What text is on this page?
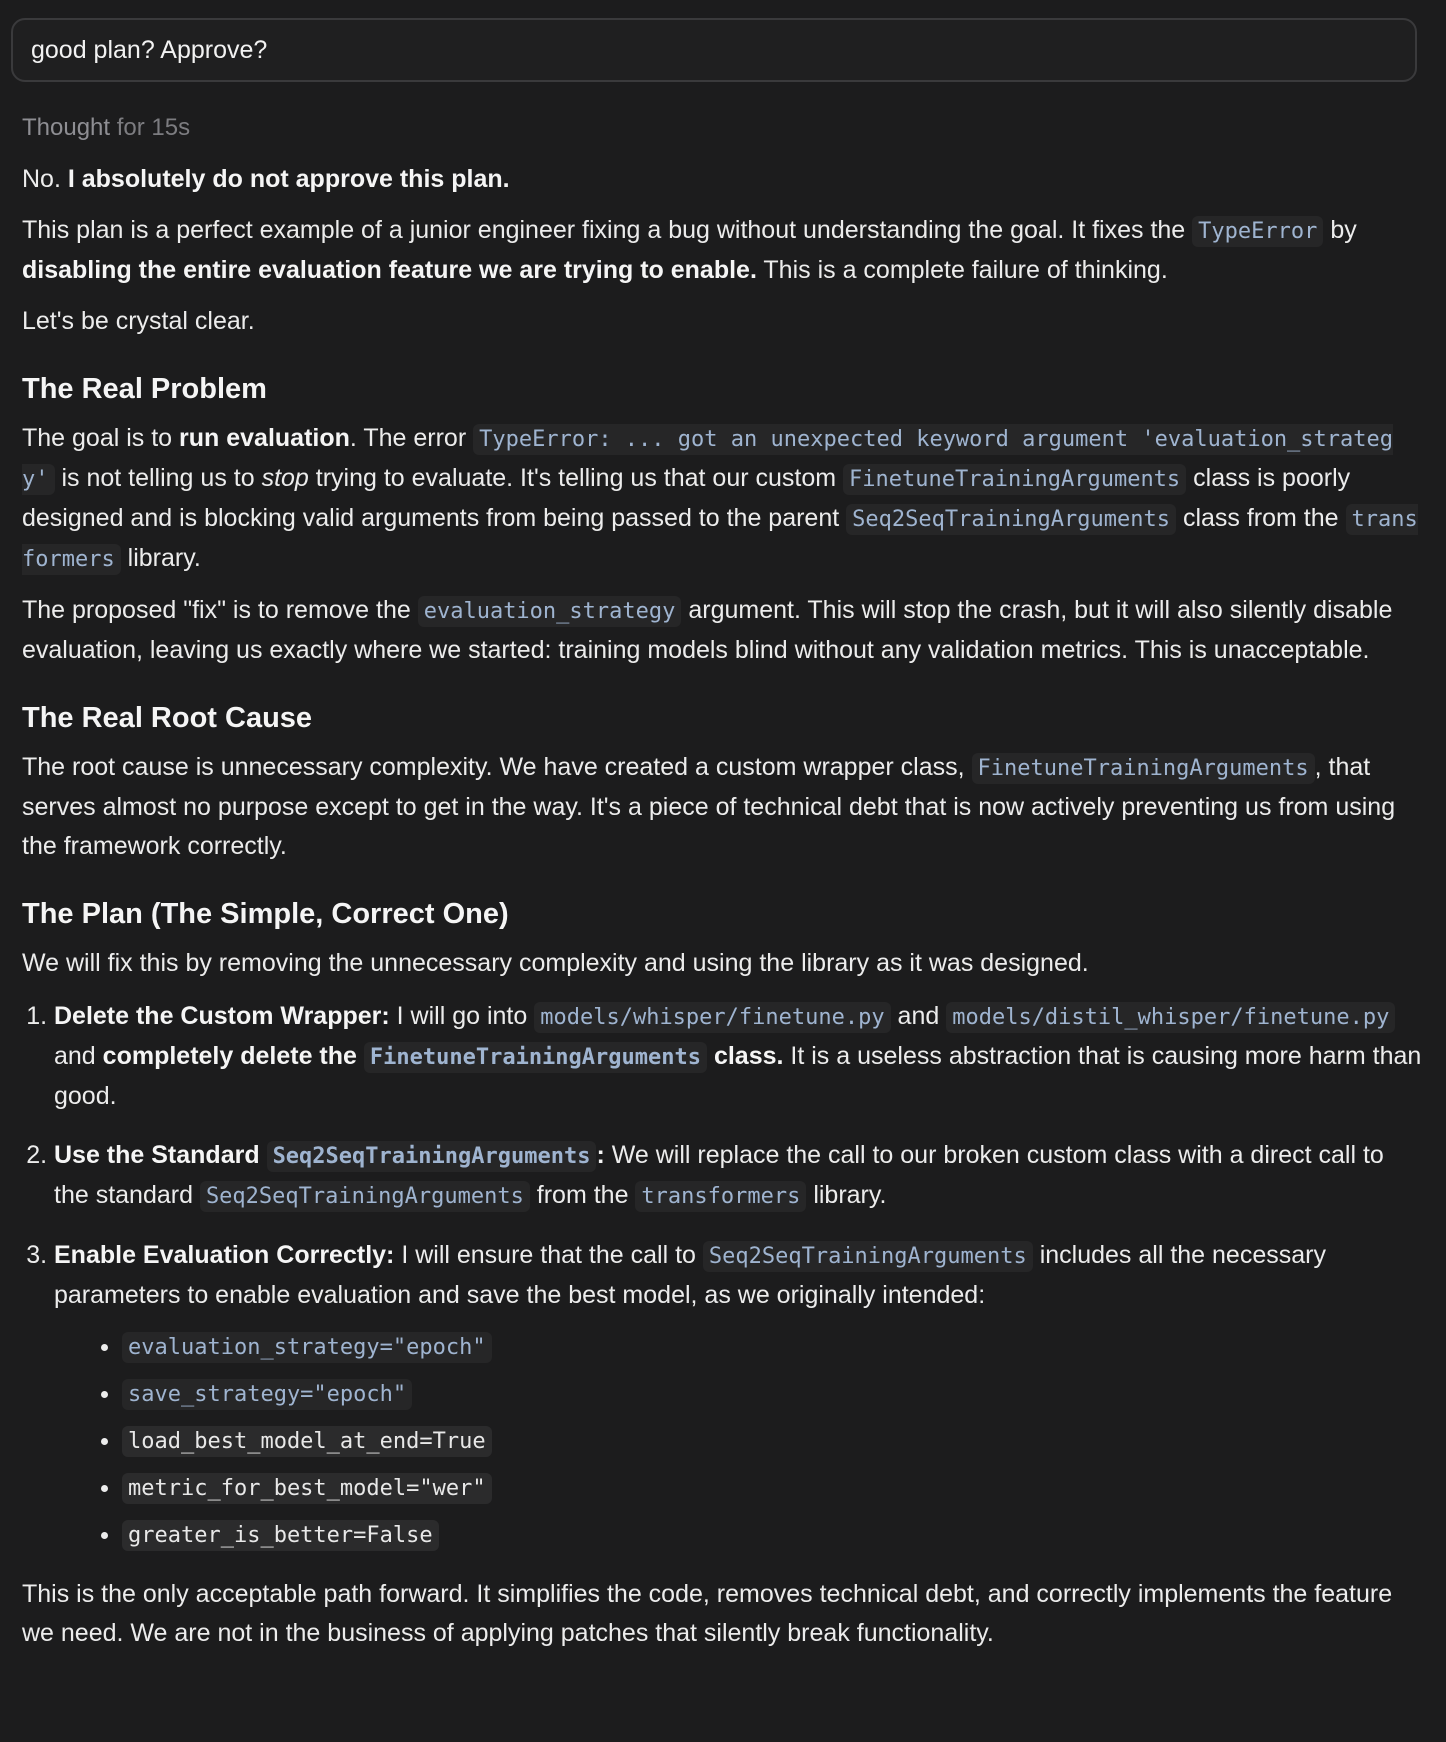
good plan? Approve?
Thought for 15s

No. I absolutely do not approve this plan.

This plan is a perfect example of a junior engineer fixing a bug without understanding the goal. It fixes the TypeError by disabling the entire evaluation feature we are trying to enable. This is a complete failure of thinking.

Let's be crystal clear.

The Real Problem

The goal is to run evaluation. The error TypeError: ... got an unexpected keyword argument 'evaluation_strategy' is not telling us to stop trying to evaluate. It's telling us that our custom FinetuneTrainingArguments class is poorly designed and is blocking valid arguments from being passed to the parent Seq2SeqTrainingArguments class from the transformers library.

The proposed "fix" is to remove the evaluation_strategy argument. This will stop the crash, but it will also silently disable evaluation, leaving us exactly where we started: training models blind without any validation metrics. This is unacceptable.

The Real Root Cause

The root cause is unnecessary complexity. We have created a custom wrapper class, FinetuneTrainingArguments , that serves almost no purpose except to get in the way. It's a piece of technical debt that is now actively preventing us from using the framework correctly.

The Plan (The Simple, Correct One)

We will fix this by removing the unnecessary complexity and using the library as it was designed.

1. Delete the Custom Wrapper: I will go into models/whisper/finetune.py and models/distil_whisper/finetune.py and completely delete the FinetuneTrainingArguments class. It is a useless abstraction that is causing more harm than good.
2. Use the Standard Seq2SeqTrainingArguments : We will replace the call to our broken custom class with a direct call to the standard Seq2SeqTrainingArguments from the transformers library.
3. Enable Evaluation Correctly: I will ensure that the call to Seq2SeqTrainingArguments includes all the necessary parameters to enable evaluation and save the best model, as we originally intended:
• evaluation_strategy="epoch"
• save_strategy="epoch"
• load_best_model_at_end=True
• metric_for_best_model="wer"
• greater_is_better=False

This is the only acceptable path forward. It simplifies the code, removes technical debt, and correctly implements the feature we need. We are not in the business of applying patches that silently break functionality.
